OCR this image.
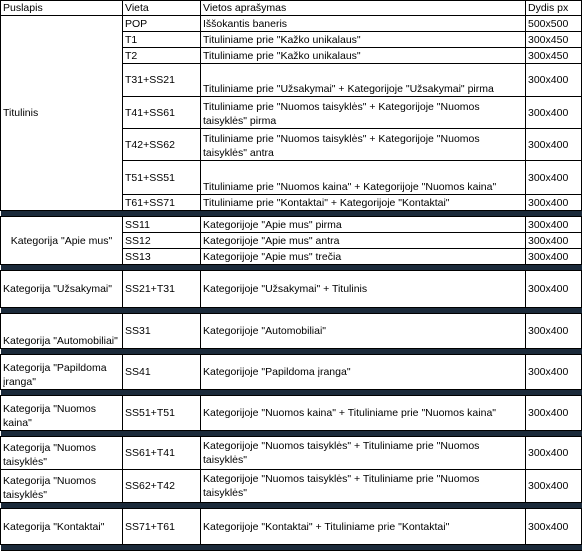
Puslapis	Vieta	Vietos aprašymas	Dydis px
Titulinis	POP	Iššokantis baneris	500x500
	T1	Tituliniame prie "Kažko unikalaus"	300x450
	T2	Tituliniame prie "Kažko unikalaus"	300x450
	T31+SS21	Tituliniame prie "Užsakymai" + Kategorijoje "Užsakymai" pirma	300x400
	T41+SS61	Tituliniame prie "Nuomos taisyklės" + Kategorijoje "Nuomos taisyklės" pirma	300x400
	T42+SS62	Tituliniame prie "Nuomos taisyklės" + Kategorijoje "Nuomos taisyklės" antra	300x400
	T51+SS51	Tituliniame prie "Nuomos kaina" + Kategorijoje "Nuomos kaina"	300x400
	T61+SS71	Tituliniame prie "Kontaktai" + Kategorijoje "Kontaktai"	300x400

Kategorija "Apie mus"	SS11	Kategorijoje "Apie mus" pirma	300x400
	SS12	Kategorijoje "Apie mus" antra	300x400
	SS13	Kategorijoje "Apie mus" trečia	300x400

Kategorija "Užsakymai"	SS21+T31	Kategorijoje "Užsakymai" + Titulinis	300x400

Kategorija "Automobiliai"	SS31	Kategorijoje "Automobiliai"	300x400

Kategorija "Papildoma įranga"	SS41	Kategorijoje "Papildoma įranga"	300x400

Kategorija "Nuomos kaina"	SS51+T51	Kategorijoje "Nuomos kaina" + Tituliniame prie "Nuomos kaina"	300x400

Kategorija "Nuomos taisyklės"	SS61+T41	Kategorijoje "Nuomos taisyklės" + Tituliniame prie "Nuomos taisyklės"	300x400
Kategorija "Nuomos taisyklės"	SS62+T42	Kategorijoje "Nuomos taisyklės" + Tituliniame prie "Nuomos taisyklės"	300x400

Kategorija "Kontaktai"	SS71+T61	Kategorijoje "Kontaktai" + Tituliniame prie "Kontaktai"	300x400
